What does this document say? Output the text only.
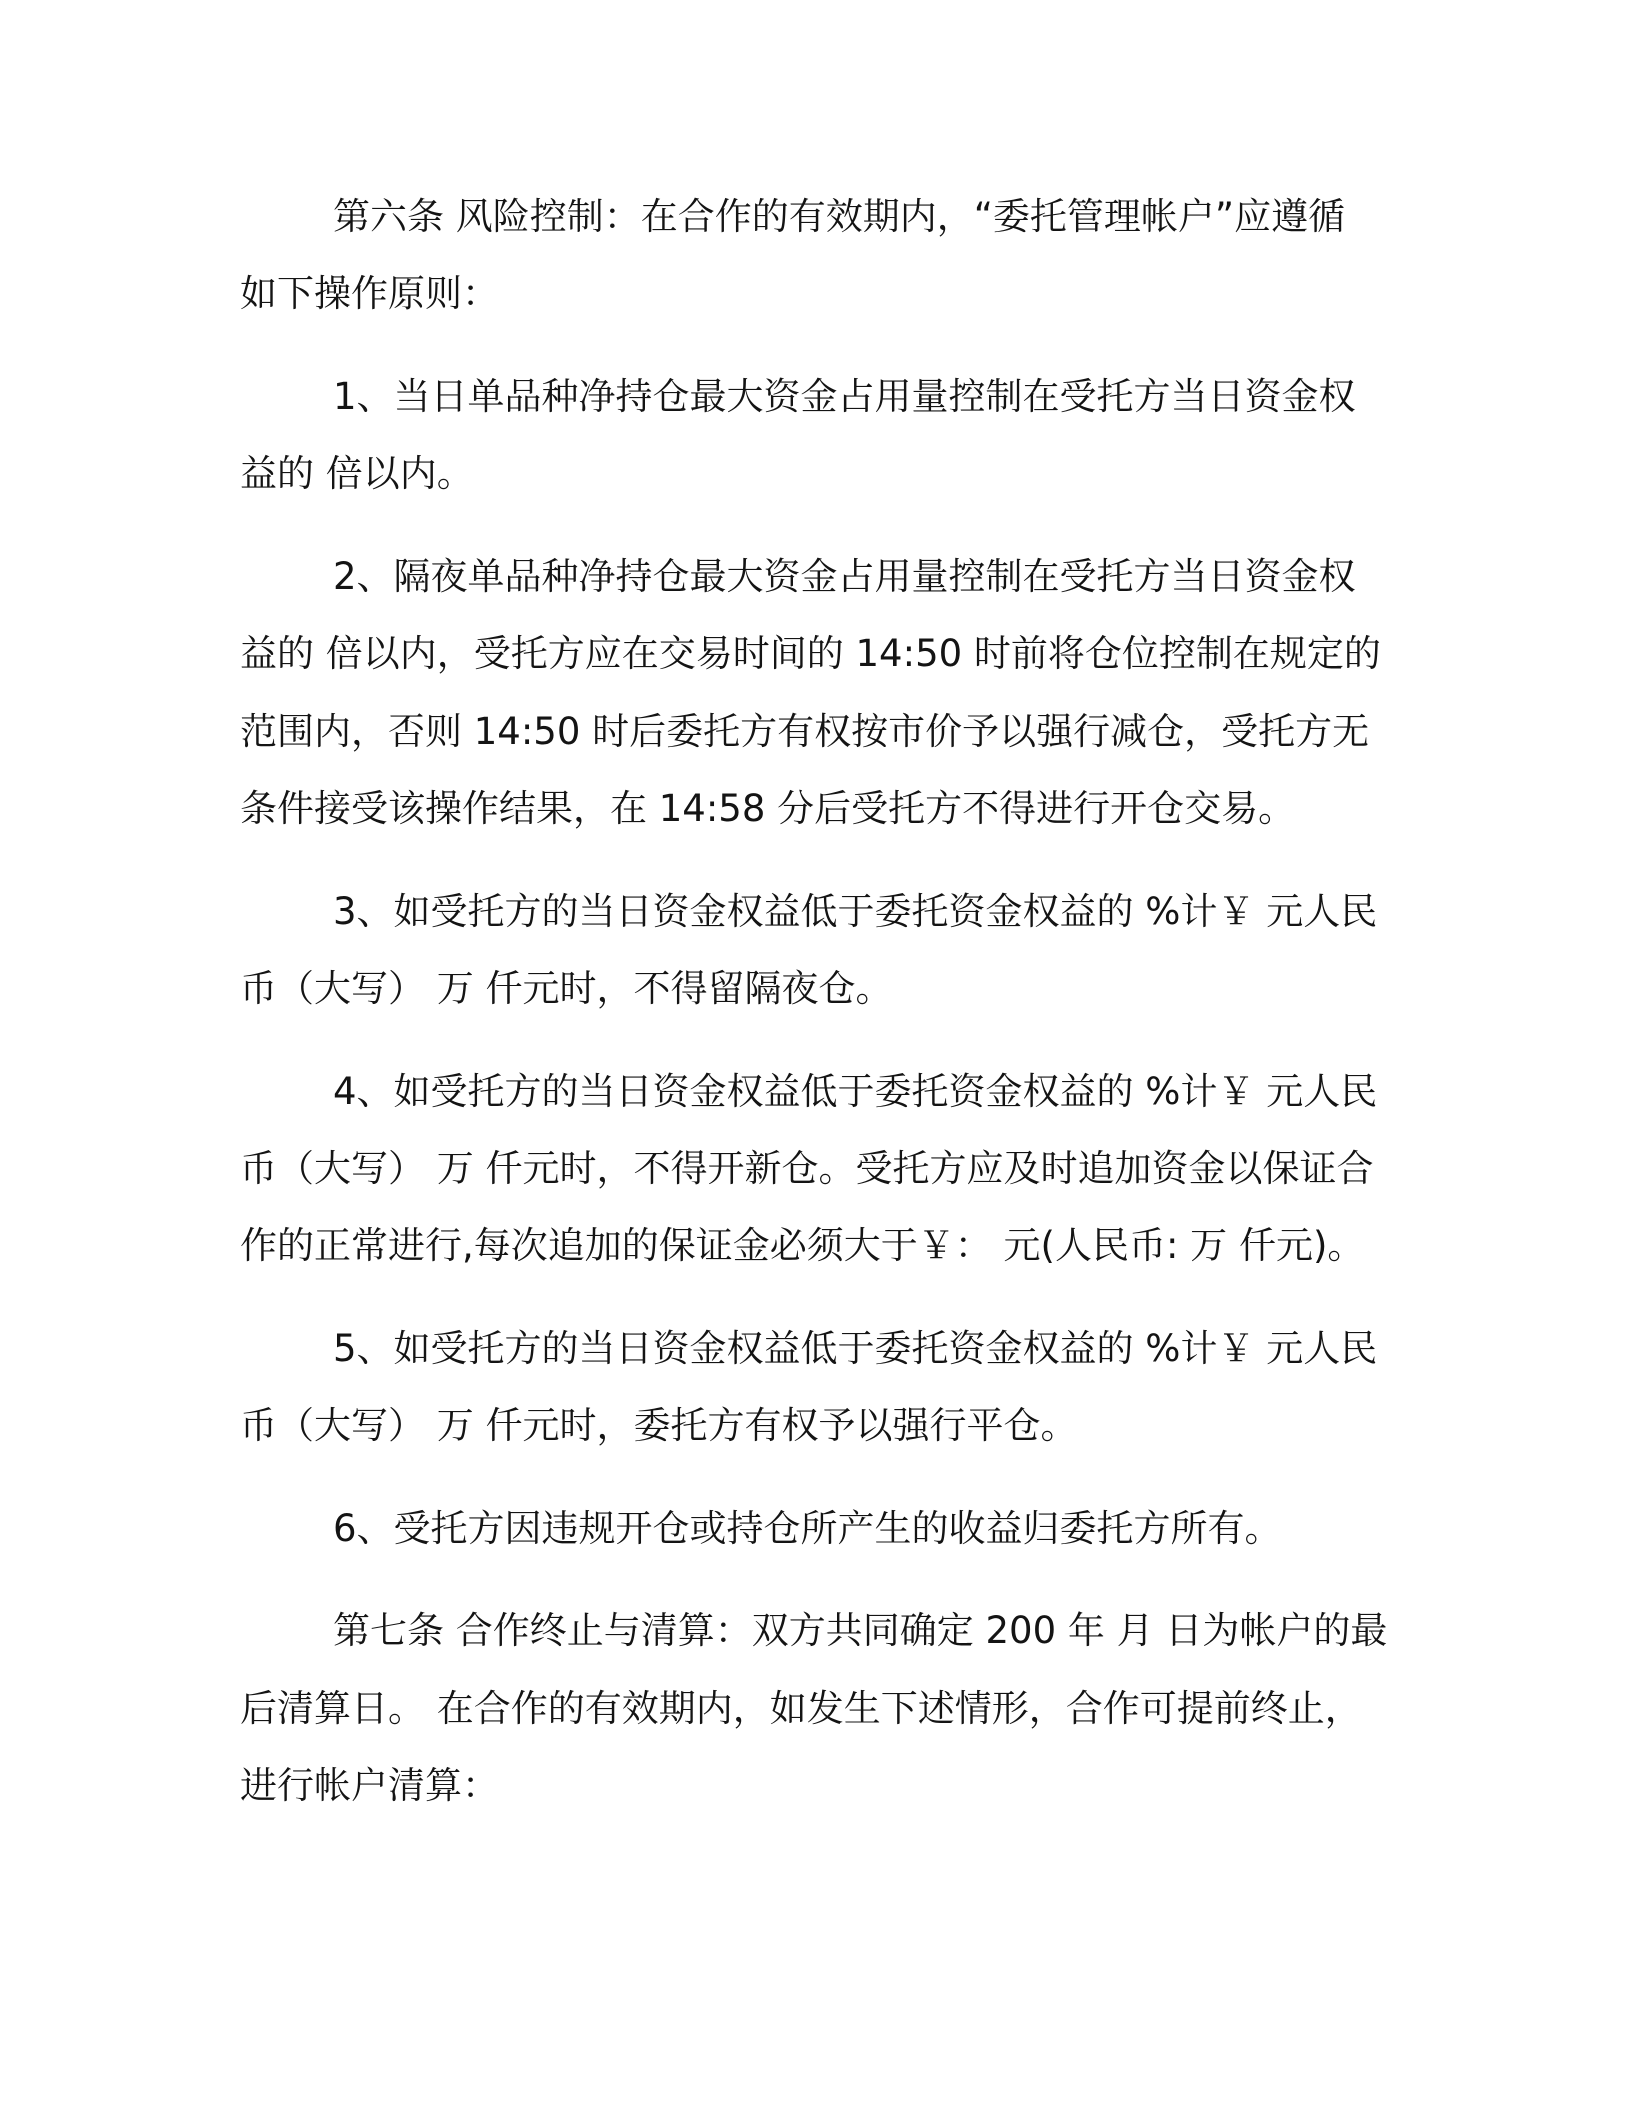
第六条 风险控制：在合作的有效期内，“委托管理帐户”应遵循
如下操作原则：
1、当日单品种净持仓最大资金占用量控制在受托方当日资金权
益的 倍以内。
2、隔夜单品种净持仓最大资金占用量控制在受托方当日资金权
益的 倍以内，受托方应在交易时间的 14:50 时前将仓位控制在规定的
范围内，否则 14:50 时后委托方有权按市价予以强行减仓，受托方无
条件接受该操作结果，在 14:58 分后受托方不得进行开仓交易。
3、如受托方的当日资金权益低于委托资金权益的 %计￥ 元人民
币（大写） 万 仟元时，不得留隔夜仓。
4、如受托方的当日资金权益低于委托资金权益的 %计￥ 元人民
币（大写） 万 仟元时，不得开新仓。受托方应及时追加资金以保证合
作的正常进行,每次追加的保证金必须大于￥： 元(人民币: 万 仟元)。
5、如受托方的当日资金权益低于委托资金权益的 %计￥ 元人民
币（大写） 万 仟元时，委托方有权予以强行平仓。
6、受托方因违规开仓或持仓所产生的收益归委托方所有。
第七条 合作终止与清算：双方共同确定 200 年 月 日为帐户的最
后清算日。 在合作的有效期内，如发生下述情形，合作可提前终止，
进行帐户清算：
